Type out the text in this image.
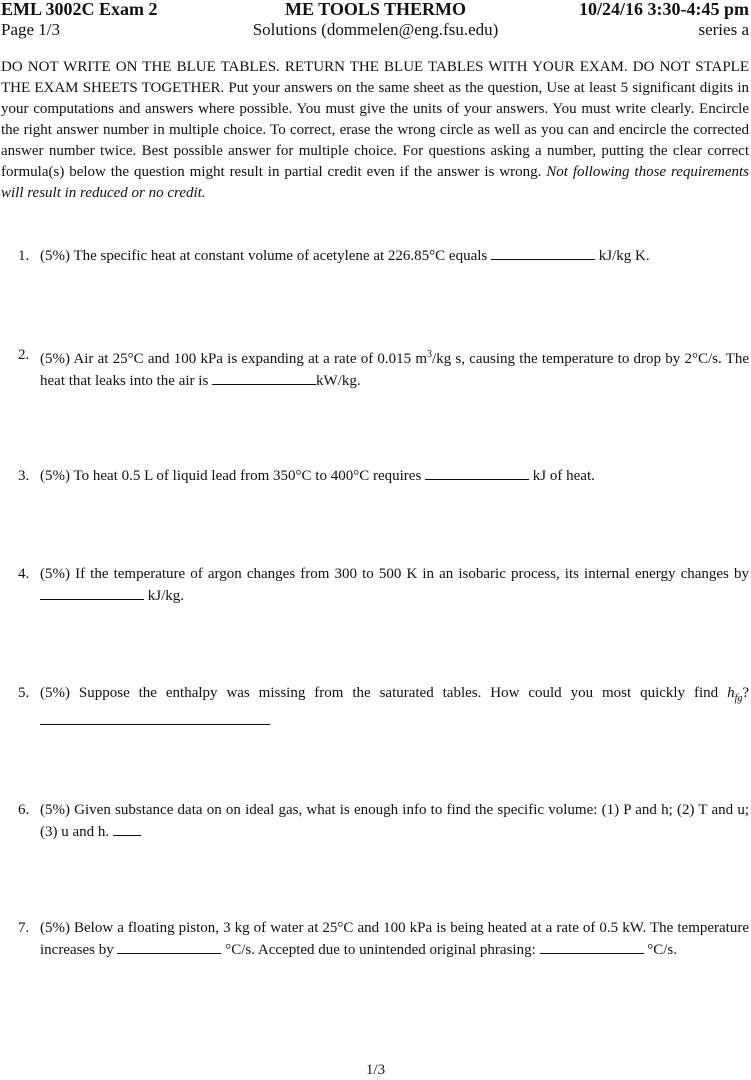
EML 3002C Exam 2	ME TOOLS THERMO	10/24/16 3:30-4:45 pm
Page 1/3	Solutions (dommelen@eng.fsu.edu)	series a
DO NOT WRITE ON THE BLUE TABLES. RETURN THE BLUE TABLES WITH YOUR EXAM. DO NOT STAPLE THE EXAM SHEETS TOGETHER. Put your answers on the same sheet as the question, Use at least 5 significant digits in your computations and answers where possible. You must give the units of your answers. You must write clearly. Encircle the right answer number in multiple choice. To correct, erase the wrong circle as well as you can and encircle the corrected answer number twice. Best possible answer for multiple choice. For questions asking a number, putting the clear correct formula(s) below the question might result in partial credit even if the answer is wrong. Not following those requirements will result in reduced or no credit.
1. (5%) The specific heat at constant volume of acetylene at 226.85°C equals	kJ/kg K.
2. (5%) Air at 25°C and 100 kPa is expanding at a rate of 0.015 $m^3/kg$ s, causing the temperature to drop by 2°C/s. The heat that leaks into the air is	kW/kg.
3. (5%) To heat 0.5 L of liquid lead from 350°C to 400°C requires	kJ of heat.
4. (5%) If the temperature of argon changes from 300 to 500 K in an isobaric process, its internal energy changes by  kJ/kg.
5. (5%) Suppose the enthalpy was missing from the saturated tables. How could you most quickly find $h_{fg}$?
6. (5%) Given substance data on on ideal gas, what is enough info to find the specific volume: (1) P and h; (2) T and u; (3) u and h.
7. (5%) Below a floating piston, 3 kg of water at 25°C and 100 kPa is being heated at a rate of 0.5 kW. The temperature increases by	°C/s. Accepted due to unintended original phrasing:	°C/s.
1/3
